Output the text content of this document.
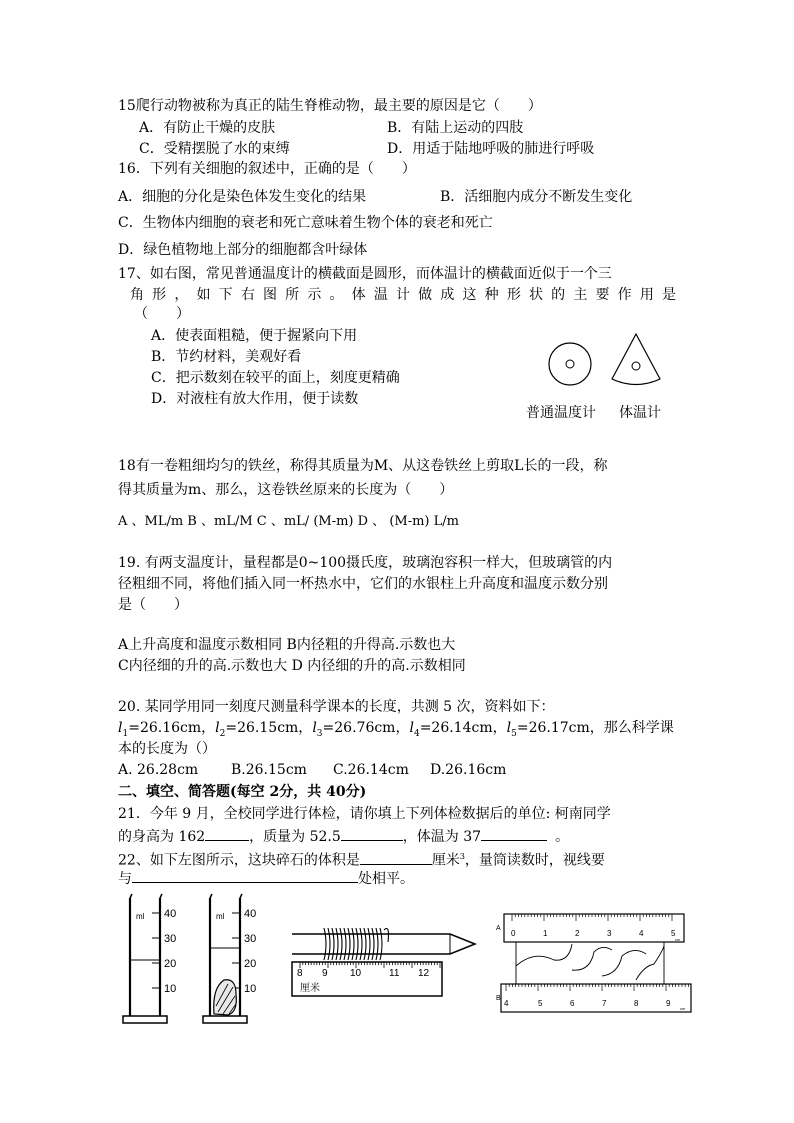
15爬行动物被称为真正的陆生脊椎动物，最主要的原因是它（　　）
A．有防止干燥的皮肤	B．有陆上运动的四肢
C．受精摆脱了水的束缚	D．用适于陆地呼吸的肺进行呼吸
16．下列有关细胞的叙述中，正确的是（　　）
A．细胞的分化是染色体发生变化的结果	B．活细胞内成分不断发生变化
C．生物体内细胞的衰老和死亡意味着生物个体的衰老和死亡
D．绿色植物地上部分的细胞都含叶绿体
17、如右图，常见普通温度计的横截面是圆形，而体温计的横截面近似于一个三
角形，如下右图所示。体温计做成这种形状的主要作用是
（　　）
A．使表面粗糙，便于握紧向下用
B．节约材料，美观好看
C．把示数刻在较平的面上，刻度更精确
D．对液柱有放大作用，便于读数
普通温度计 体温计
18有一卷粗细均匀的铁丝，称得其质量为M、从这卷铁丝上剪取L长的一段，称
得其质量为m、那么，这卷铁丝原来的长度为（　　）
A 、ML/m B 、mL/M C 、mL/ (M-m) D 、 (M-m) L/m
19. 有两支温度计，量程都是0~100摄氏度，玻璃泡容积一样大，但玻璃管的内
径粗细不同，将他们插入同一杯热水中，它们的水银柱上升高度和温度示数分别
是（　　）
A上升高度和温度示数相同 B内径粗的升得高.示数也大
C内径细的升的高.示数也大 D 内径细的升的高.示数相同
20. 某同学用同一刻度尺测量科学课本的长度，共测 5 次，资料如下：
$l_1=26.16cm$，$l_2=26.15cm$，$l_3=26.76cm$，$l_4=26.14cm$，$l_5=26.17cm$，那么科学课
本的长度为（）
A. 26.28cm B.26.15cm C.26.14cm D.26.16cm
二、填空、简答题(每空 2分，共 40分)
21．今年 9 月，全校同学进行体检，请你填上下列体检数据后的单位: 柯南同学
的身高为 162	，质量为 52.5	，体温为 37	。
22、如下左图所示，这块碎石的体积是	厘米$^3$，量筒读数时，视线要
与	处相平。
ml 40
30
20
10
ml 40
30
20
10
8 9 10	11 12
厘米
A
0	1	2	3	4	5
cm
B
4	5	6	7	8	9
cm
